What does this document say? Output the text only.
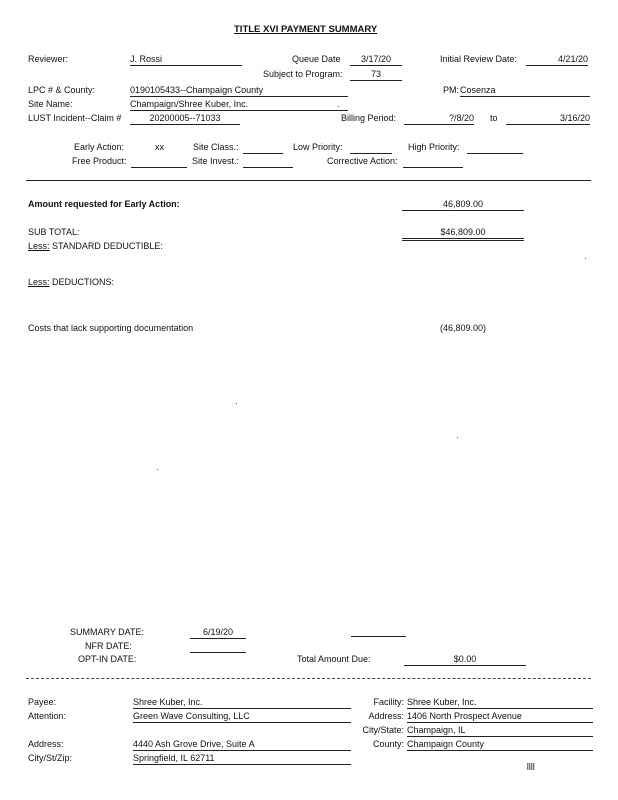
TITLE XVI PAYMENT SUMMARY
Reviewer:	J. Rossi	Queue Date	3/17/20	Initial Review Date:	4/21/20
Subject to Program:	73
LPC # & County:	0190105433--Champaign County	PM: Cosenza
Site Name:	Champaign/Shree Kuber, Inc.
LUST Incident--Claim #	20200005--71033	Billing Period:	?/8/20 to	3/16/20
Early Action:	xx	Site Class.:	Low Priority:	High Priority:
Free Product:	Site Invest.:	Corrective Action:
Amount requested for Early Action:	46,809.00
SUB TOTAL:	$46,809.00
Less: STANDARD DEDUCTIBLE:
Less: DEDUCTIONS:
Costs that lack supporting documentation	(46,809.00)
SUMMARY DATE:	6/19/20
NFR DATE:
OPT-IN DATE:	Total Amount Due:	$0.00
Payee:	Shree Kuber, Inc.
Attention:	Green Wave Consulting, LLC
Address:	4440 Ash Grove Drive, Suite A
City/St/Zip:	Springfield, IL 62711
Facility: Shree Kuber, Inc.
Address: 1406 North Prospect Avenue
City/State: Champaign, IL
County: Champaign County
